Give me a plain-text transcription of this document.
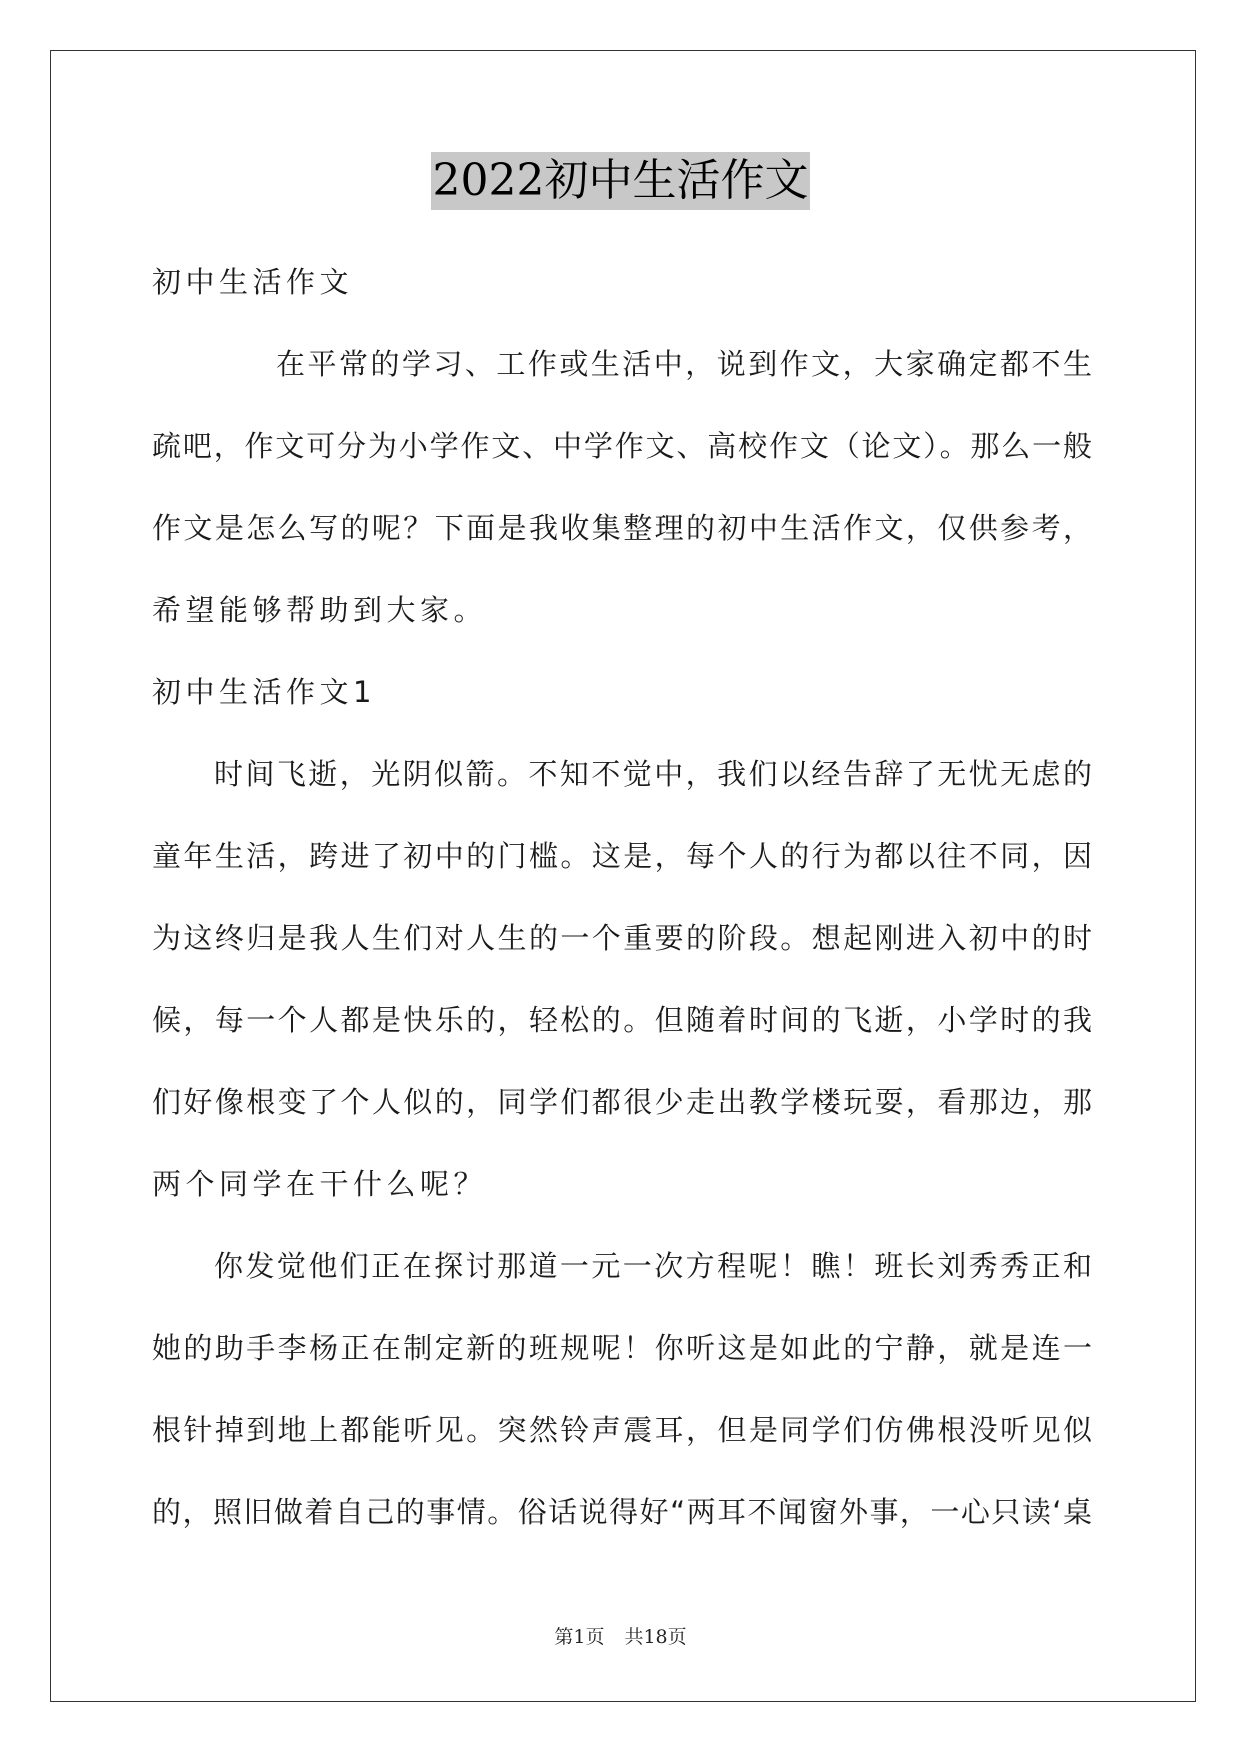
2022初中生活作文
初中生活作文
在平常的学习、工作或生活中，说到作文，大家确定都不生
疏吧，作文可分为小学作文、中学作文、高校作文（论文）。那么一般
作文是怎么写的呢？下面是我收集整理的初中生活作文，仅供参考，
希望能够帮助到大家。
初中生活作文1
时间飞逝，光阴似箭。不知不觉中，我们以经告辞了无忧无虑的
童年生活，跨进了初中的门槛。这是，每个人的行为都以往不同，因
为这终归是我人生们对人生的一个重要的阶段。想起刚进入初中的时
候，每一个人都是快乐的，轻松的。但随着时间的飞逝，小学时的我
们好像根变了个人似的，同学们都很少走出教学楼玩耍，看那边，那
两个同学在干什么呢？
你发觉他们正在探讨那道一元一次方程呢！瞧！班长刘秀秀正和
她的助手李杨正在制定新的班规呢！你听这是如此的宁静，就是连一
根针掉到地上都能听见。突然铃声震耳，但是同学们仿佛根没听见似
的，照旧做着自己的事情。俗话说得好“两耳不闻窗外事，一心只读‘桌
第1页 共18页
